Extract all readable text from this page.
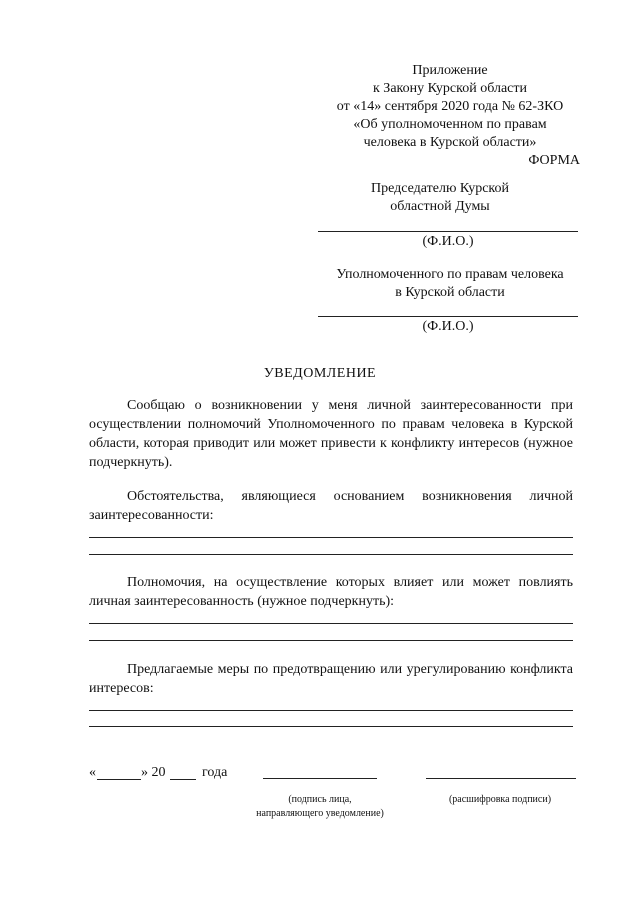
Приложение
к Закону Курской области
от «14» сентября 2020 года № 62-ЗКО
«Об уполномоченном по правам
человека в Курской области»
ФОРМА
Председателю Курской
областной Думы
(Ф.И.О.)
Уполномоченного по правам человека
в Курской области
(Ф.И.О.)
УВЕДОМЛЕНИЕ

Сообщаю о возникновении у меня личной заинтересованности при осуществлении полномочий Уполномоченного по правам человека в Курской области, которая приводит или может привести к конфликту интересов (нужное подчеркнуть).

Обстоятельства, являющиеся основанием возникновения личной заинтересованности:

Полномочия, на осуществление которых влияет или может повлиять личная заинтересованность (нужное подчеркнуть):

Предлагаемые меры по предотвращению или урегулированию конфликта интересов:

«	» 20	года
(подпись лица,
направляющего уведомление)
(расшифровка подписи)
